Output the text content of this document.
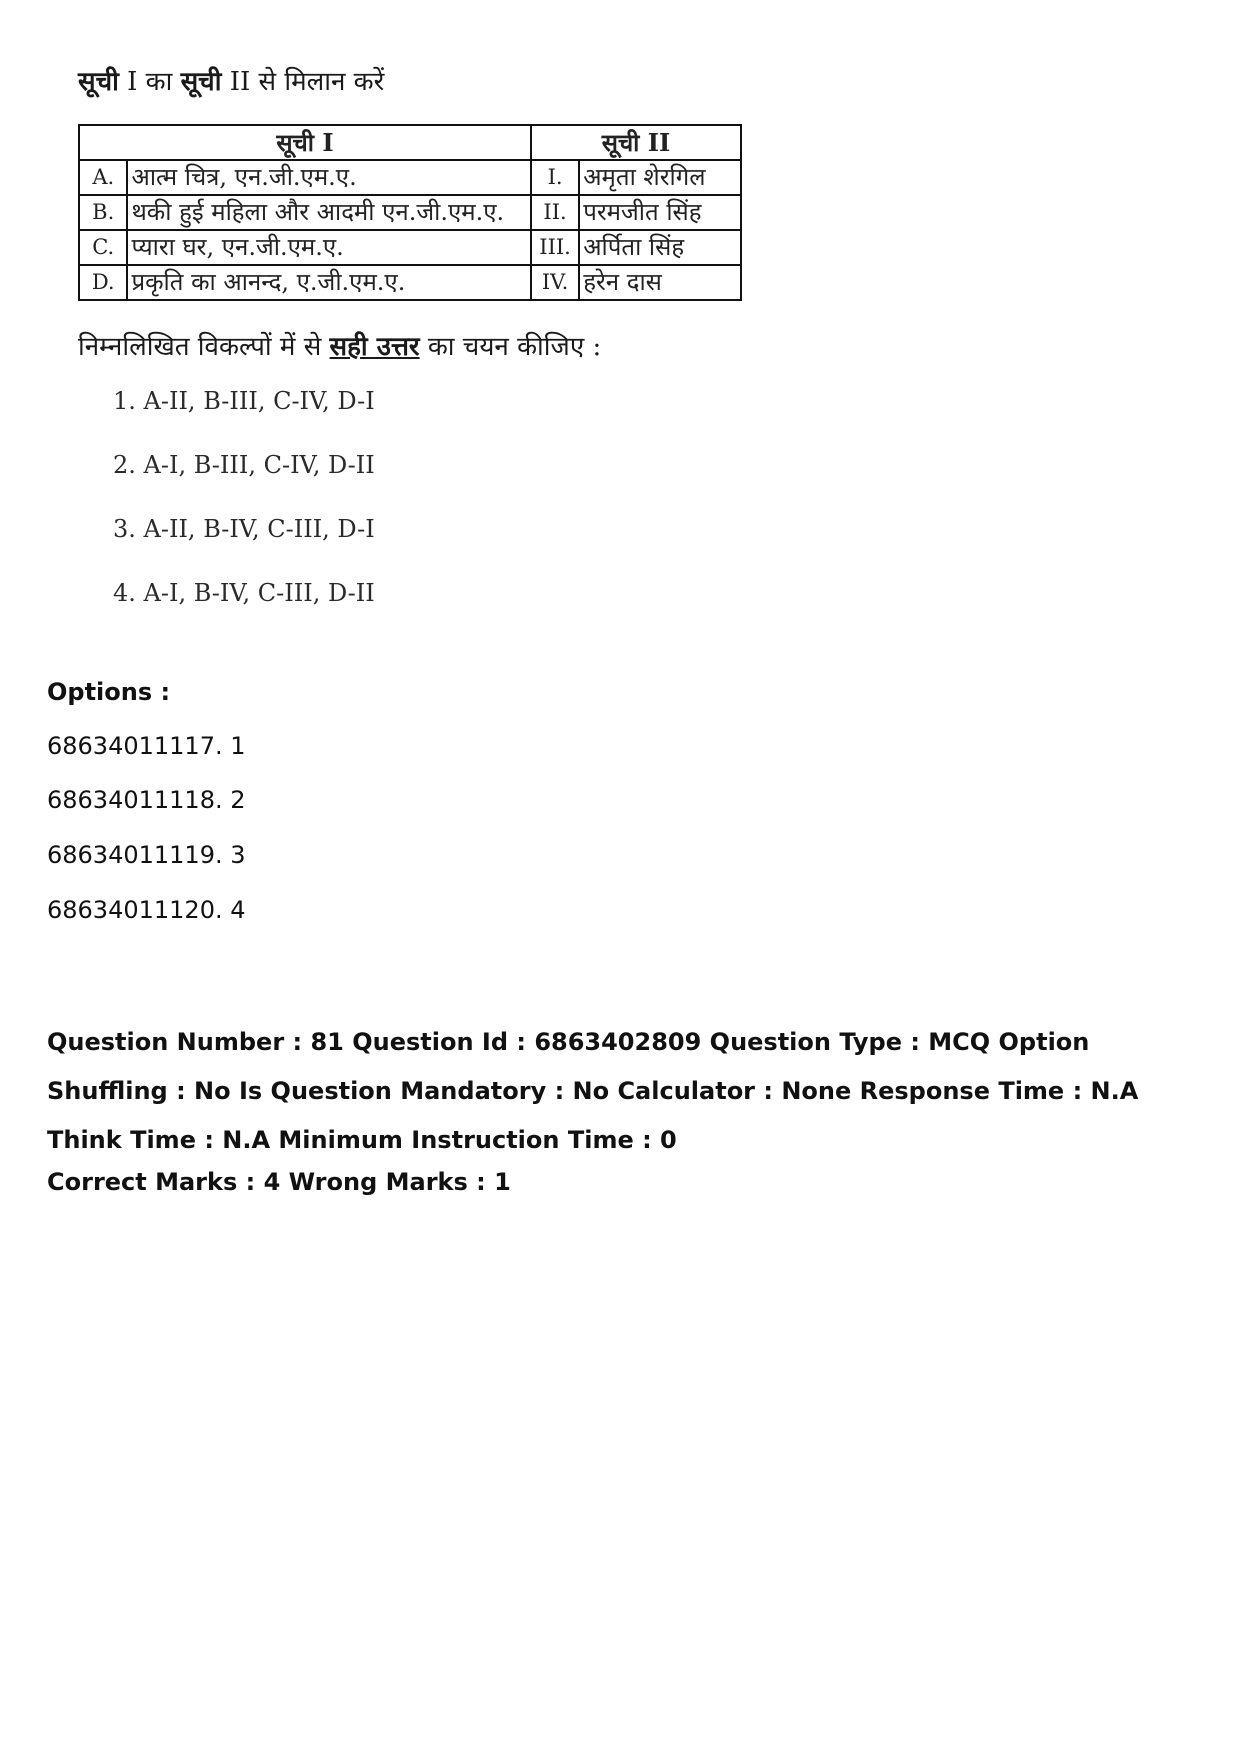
सूची I का सूची II से मिलान करें
सूची I		सूची II	
A.	आत्म चित्र, एन.जी.एम.ए.	I.	अमृता शेरगिल
B.	थकी हुई महिला और आदमी एन.जी.एम.ए.	II.	परमजीत सिंह
C.	प्यारा घर, एन.जी.एम.ए.	III.	अर्पिता सिंह
D.	प्रकृति का आनन्द, ए.जी.एम.ए.	IV.	हरेन दास
निम्नलिखित विकल्पों में से सही उत्तर का चयन कीजिए :
1. A-II, B-III, C-IV, D-I
2. A-I, B-III, C-IV, D-II
3. A-II, B-IV, C-III, D-I
4. A-I, B-IV, C-III, D-II
Options :
68634011117. 1
68634011118. 2
68634011119. 3
68634011120. 4
Question Number : 81 Question Id : 6863402809 Question Type : MCQ Option Shuffling : No Is Question Mandatory : No Calculator : None Response Time : N.A Think Time : N.A Minimum Instruction Time : 0
Correct Marks : 4 Wrong Marks : 1
